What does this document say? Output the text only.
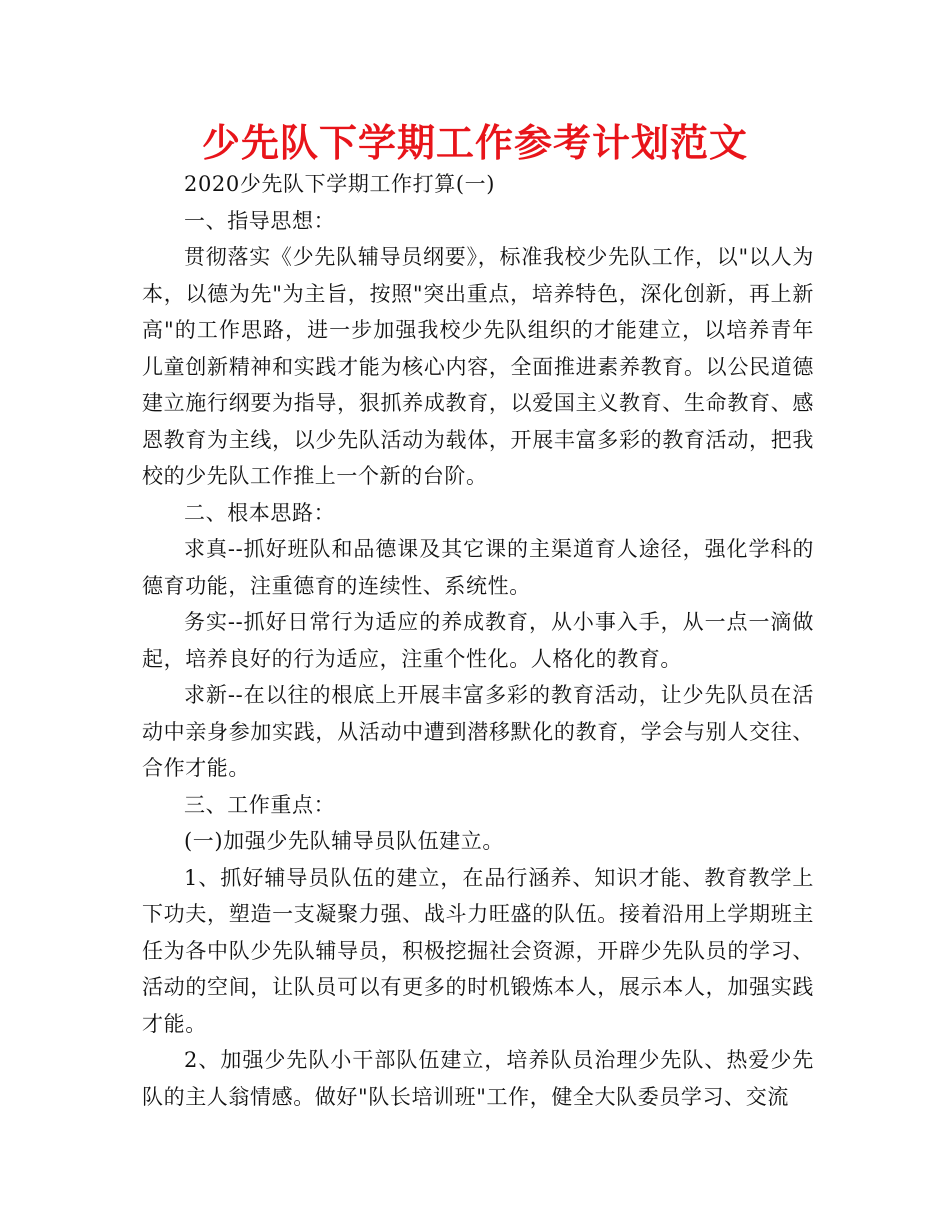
少先队下学期工作参考计划范文

2020少先队下学期工作打算(一)

一、指导思想：

贯彻落实《少先队辅导员纲要》，标准我校少先队工作，以"以人为本，以德为先"为主旨，按照"突出重点，培养特色，深化创新，再上新高"的工作思路，进一步加强我校少先队组织的才能建立，以培养青年儿童创新精神和实践才能为核心内容，全面推进素养教育。以公民道德建立施行纲要为指导，狠抓养成教育，以爱国主义教育、生命教育、感恩教育为主线，以少先队活动为载体，开展丰富多彩的教育活动，把我校的少先队工作推上一个新的台阶。

二、根本思路：

求真--抓好班队和品德课及其它课的主渠道育人途径，强化学科的德育功能，注重德育的连续性、系统性。

务实--抓好日常行为适应的养成教育，从小事入手，从一点一滴做起，培养良好的行为适应，注重个性化。人格化的教育。

求新--在以往的根底上开展丰富多彩的教育活动，让少先队员在活动中亲身参加实践，从活动中遭到潜移默化的教育，学会与别人交往、合作才能。

三、工作重点：

(一)加强少先队辅导员队伍建立。

1、抓好辅导员队伍的建立，在品行涵养、知识才能、教育教学上下功夫，塑造一支凝聚力强、战斗力旺盛的队伍。接着沿用上学期班主任为各中队少先队辅导员，积极挖掘社会资源，开辟少先队员的学习、活动的空间，让队员可以有更多的时机锻炼本人，展示本人，加强实践才能。

2、加强少先队小干部队伍建立，培养队员治理少先队、热爱少先队的主人翁情感。做好"队长培训班"工作，健全大队委员学习、交流
